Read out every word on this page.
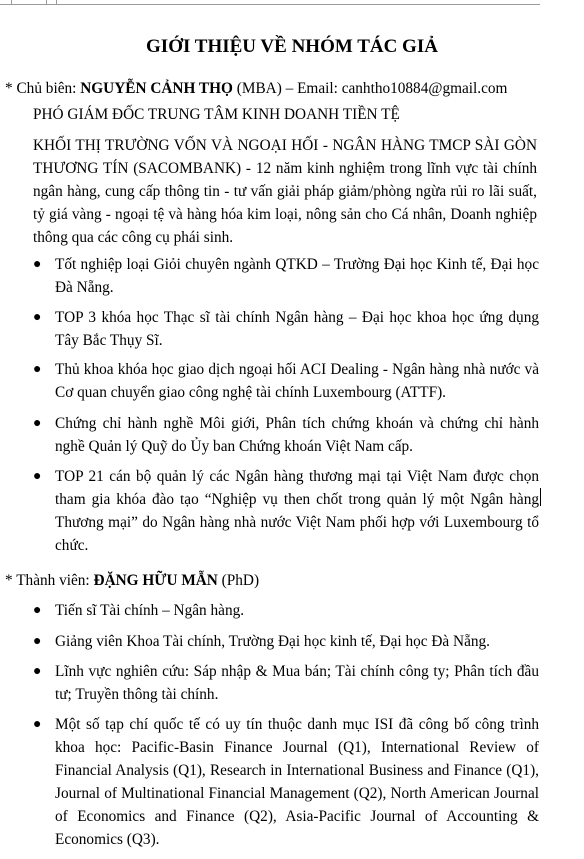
GIỚI THIỆU VỀ NHÓM TÁC GIẢ
* Chủ biên: NGUYỄN CẢNH THỌ (MBA) – Email: canhtho10884@gmail.com
PHÓ GIÁM ĐỐC TRUNG TÂM KINH DOANH TIỀN TỆ
KHỐI THỊ TRƯỜNG VỐN VÀ NGOẠI HỐI - NGÂN HÀNG TMCP SÀI GÒN THƯƠNG TÍN (SACOMBANK) - 12 năm kinh nghiệm trong lĩnh vực tài chính ngân hàng, cung cấp thông tin - tư vấn giải pháp giảm/phòng ngừa rủi ro lãi suất, tỷ giá vàng - ngoại tệ và hàng hóa kim loại, nông sản cho Cá nhân, Doanh nghiệp thông qua các công cụ phái sinh.
● Tốt nghiệp loại Giỏi chuyên ngành QTKD – Trường Đại học Kinh tế, Đại học Đà Nẵng.
● TOP 3 khóa học Thạc sĩ tài chính Ngân hàng – Đại học khoa học ứng dụng Tây Bắc Thụy Sĩ.
● Thủ khoa khóa học giao dịch ngoại hối ACI Dealing - Ngân hàng nhà nước và Cơ quan chuyển giao công nghệ tài chính Luxembourg (ATTF).
● Chứng chỉ hành nghề Môi giới, Phân tích chứng khoán và chứng chỉ hành nghề Quản lý Quỹ do Ủy ban Chứng khoán Việt Nam cấp.
● TOP 21 cán bộ quản lý các Ngân hàng thương mại tại Việt Nam được chọn tham gia khóa đào tạo “Nghiệp vụ then chốt trong quản lý một Ngân hàng Thương mại” do Ngân hàng nhà nước Việt Nam phối hợp với Luxembourg tổ chức.
* Thành viên: ĐẶNG HỮU MẪN (PhD)
● Tiến sĩ Tài chính – Ngân hàng.
● Giảng viên Khoa Tài chính, Trường Đại học kinh tế, Đại học Đà Nẵng.
● Lĩnh vực nghiên cứu: Sáp nhập & Mua bán; Tài chính công ty; Phân tích đầu tư; Truyền thông tài chính.
● Một số tạp chí quốc tế có uy tín thuộc danh mục ISI đã công bố công trình khoa học: Pacific-Basin Finance Journal (Q1), International Review of Financial Analysis (Q1), Research in International Business and Finance (Q1), Journal of Multinational Financial Management (Q2), North American Journal of Economics and Finance (Q2), Asia-Pacific Journal of Accounting & Economics (Q3).
